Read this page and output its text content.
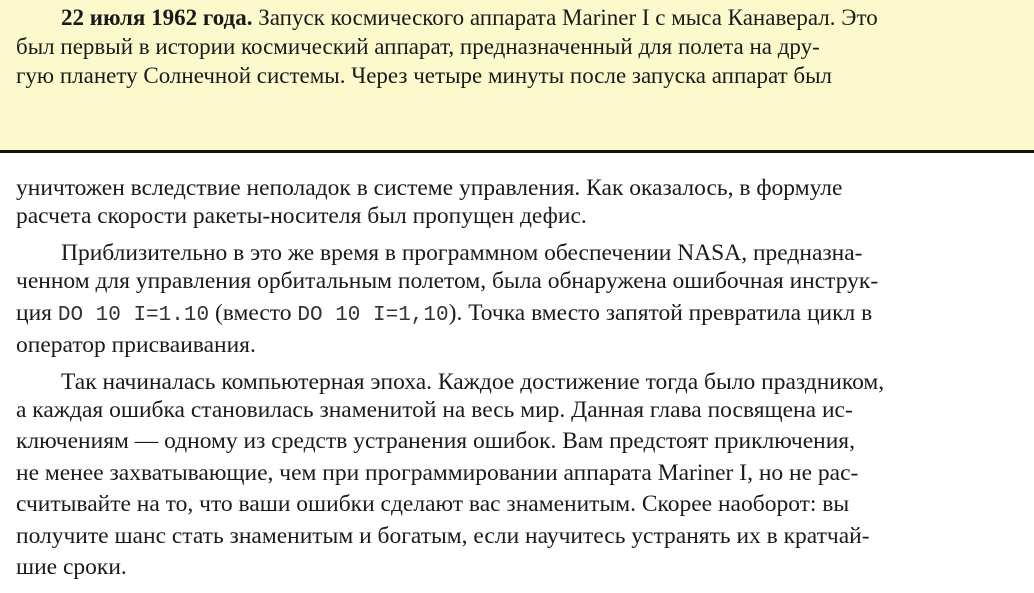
22 июля 1962 года. Запуск космического аппарата Mariner I с мыса Канаверал. Это
был первый в истории космический аппарат, предназначенный для полета на дру-
гую планету Солнечной системы. Через четыре минуты после запуска аппарат был
уничтожен вследствие неполадок в системе управления. Как оказалось, в формуле
расчета скорости ракеты-носителя был пропущен дефис.
Приблизительно в это же время в программном обеспечении NASA, предназна-
ченном для управления орбитальным полетом, была обнаружена ошибочная инструк-
ция DO 10 I=1.10 (вместо DO 10 I=1,10). Точка вместо запятой превратила цикл в
оператор присваивания.
Так начиналась компьютерная эпоха. Каждое достижение тогда было праздником,
а каждая ошибка становилась знаменитой на весь мир. Данная глава посвящена ис-
ключениям — одному из средств устранения ошибок. Вам предстоят приключения,
не менее захватывающие, чем при программировании аппарата Mariner I, но не рас-
считывайте на то, что ваши ошибки сделают вас знаменитым. Скорее наоборот: вы
получите шанс стать знаменитым и богатым, если научитесь устранять их в кратчай-
шие сроки.
